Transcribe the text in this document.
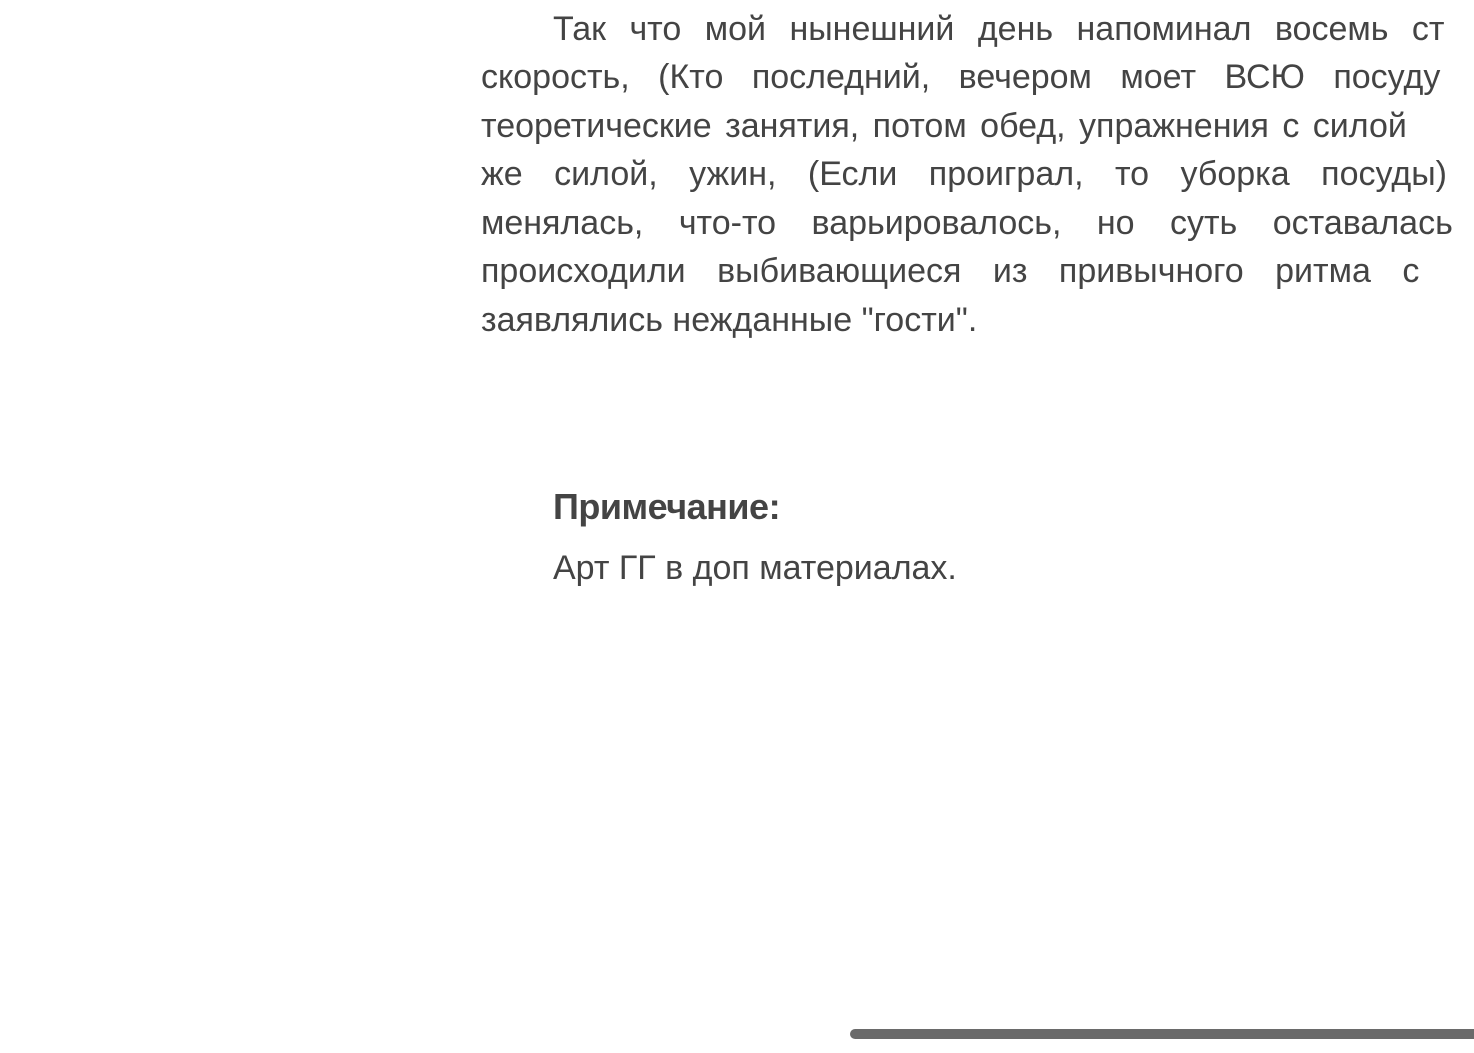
Так что мой нынешний день напоминал восемь ст
скорость, (Кто последний, вечером моет ВСЮ посуду
теоретические занятия, потом обед, упражнения с силой
же силой, ужин, (Если проиграл, то уборка посуды)
менялась, что-то варьировалось, но суть оставалась
происходили выбивающиеся из привычного ритма с
заявлялись нежданные "гости".
Примечание:
Арт ГГ в доп материалах.
